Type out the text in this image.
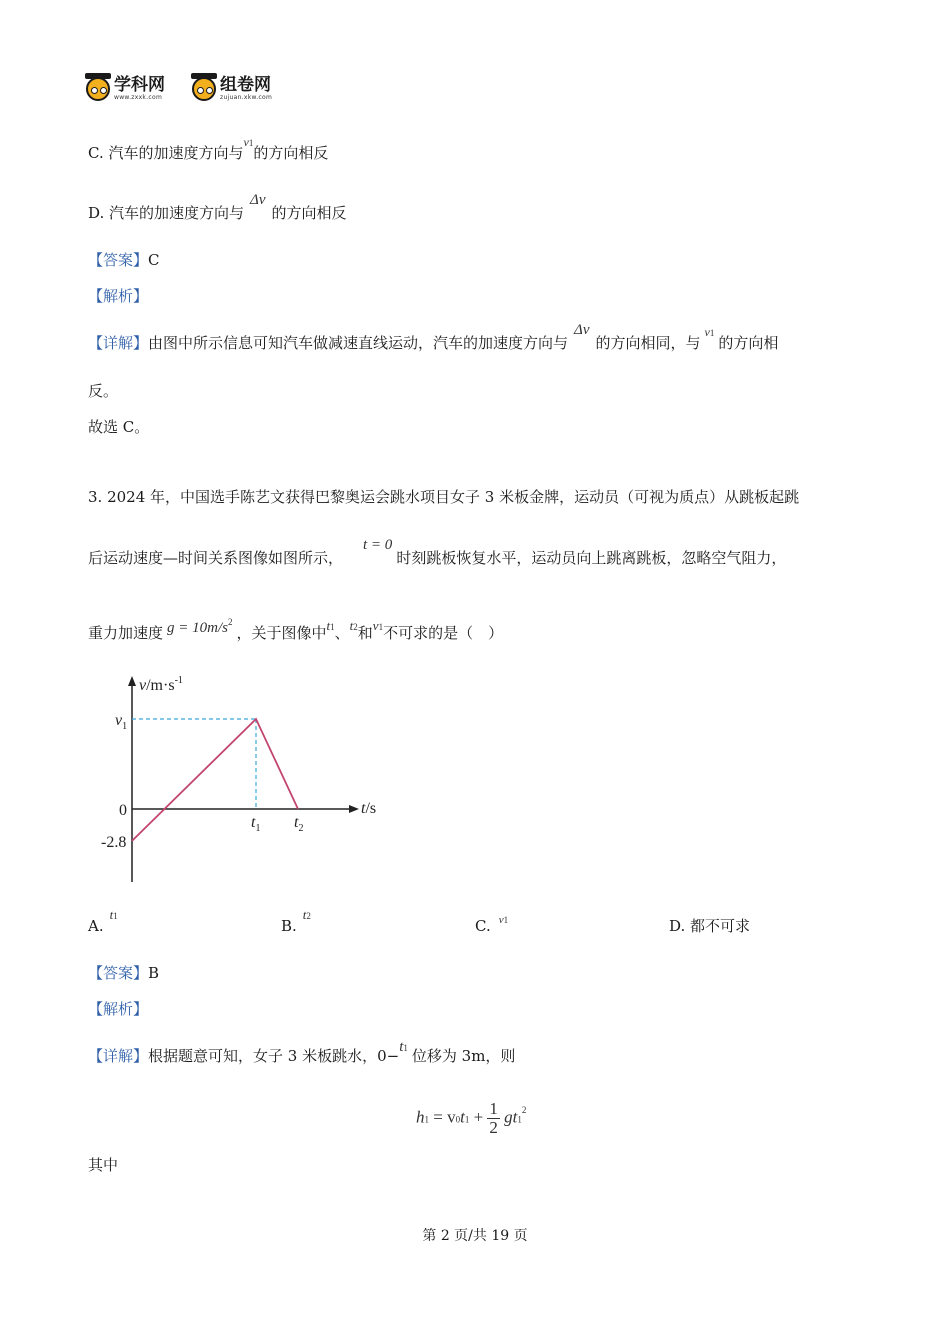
学科网
www.zxxk.com
组卷网
zujuan.xkw.com
C. 汽车的加速度方向与$^{v1}$的方向相反
D. 汽车的加速度方向与Δv的方向相反
【答案】C
【解析】
【详解】由图中所示信息可知汽车做减速直线运动，汽车的加速度方向与Δv的方向相同，与$^{v1}$的方向相
反。
故选 C。
3. 2024 年，中国选手陈艺文获得巴黎奥运会跳水项目女子 3 米板金牌，运动员（可视为质点）从跳板起跳
后运动速度—时间关系图像如图所示，t = 0时刻跳板恢复水平，运动员向上跳离跳板，忽略空气阻力，
重力加速度 $g = 10m/s^2$，关于图像中t1、t2和v1不可求的是（　）
$v/m\cdot s^{-1}$
t/s
$v_1$
0
-2.8
$t_1$ $t_2$
A.t1
B.t2
C. $^{v1}$	D. 都不可求
【答案】B
【解析】
【详解】根据题意可知，女子 3 米板跳水，0−t1 位移为 3m，则
$h1 = v0t1 + \frac{1}{2} gt1^2$
其中
第 2 页/共 19 页
